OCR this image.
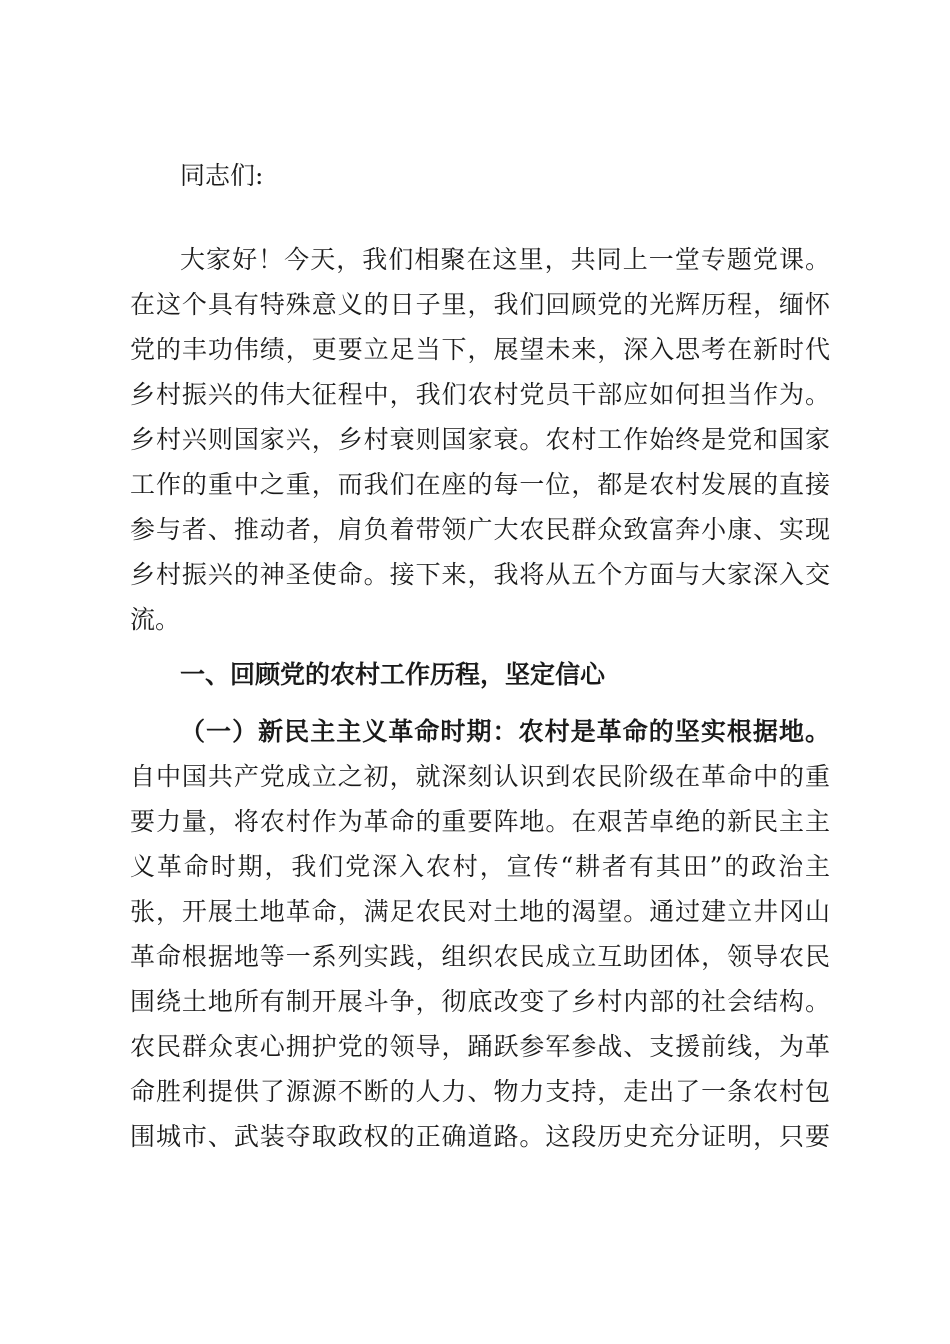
同志们:
大家好！今天，我们相聚在这里，共同上一堂专题党课。
在这个具有特殊意义的日子里，我们回顾党的光辉历程，缅怀
党的丰功伟绩，更要立足当下，展望未来，深入思考在新时代
乡村振兴的伟大征程中，我们农村党员干部应如何担当作为。
乡村兴则国家兴，乡村衰则国家衰。农村工作始终是党和国家
工作的重中之重，而我们在座的每一位，都是农村发展的直接
参与者、推动者，肩负着带领广大农民群众致富奔小康、实现
乡村振兴的神圣使命。接下来，我将从五个方面与大家深入交
流。
一、回顾党的农村工作历程，坚定信心
（一）新民主主义革命时期：农村是革命的坚实根据地。
自中国共产党成立之初，就深刻认识到农民阶级在革命中的重
要力量，将农村作为革命的重要阵地。在艰苦卓绝的新民主主
义革命时期，我们党深入农村，宣传“耕者有其田”的政治主
张，开展土地革命，满足农民对土地的渴望。通过建立井冈山
革命根据地等一系列实践，组织农民成立互助团体，领导农民
围绕土地所有制开展斗争，彻底改变了乡村内部的社会结构。
农民群众衷心拥护党的领导，踊跃参军参战、支援前线，为革
命胜利提供了源源不断的人力、物力支持，走出了一条农村包
围城市、武装夺取政权的正确道路。这段历史充分证明，只要
